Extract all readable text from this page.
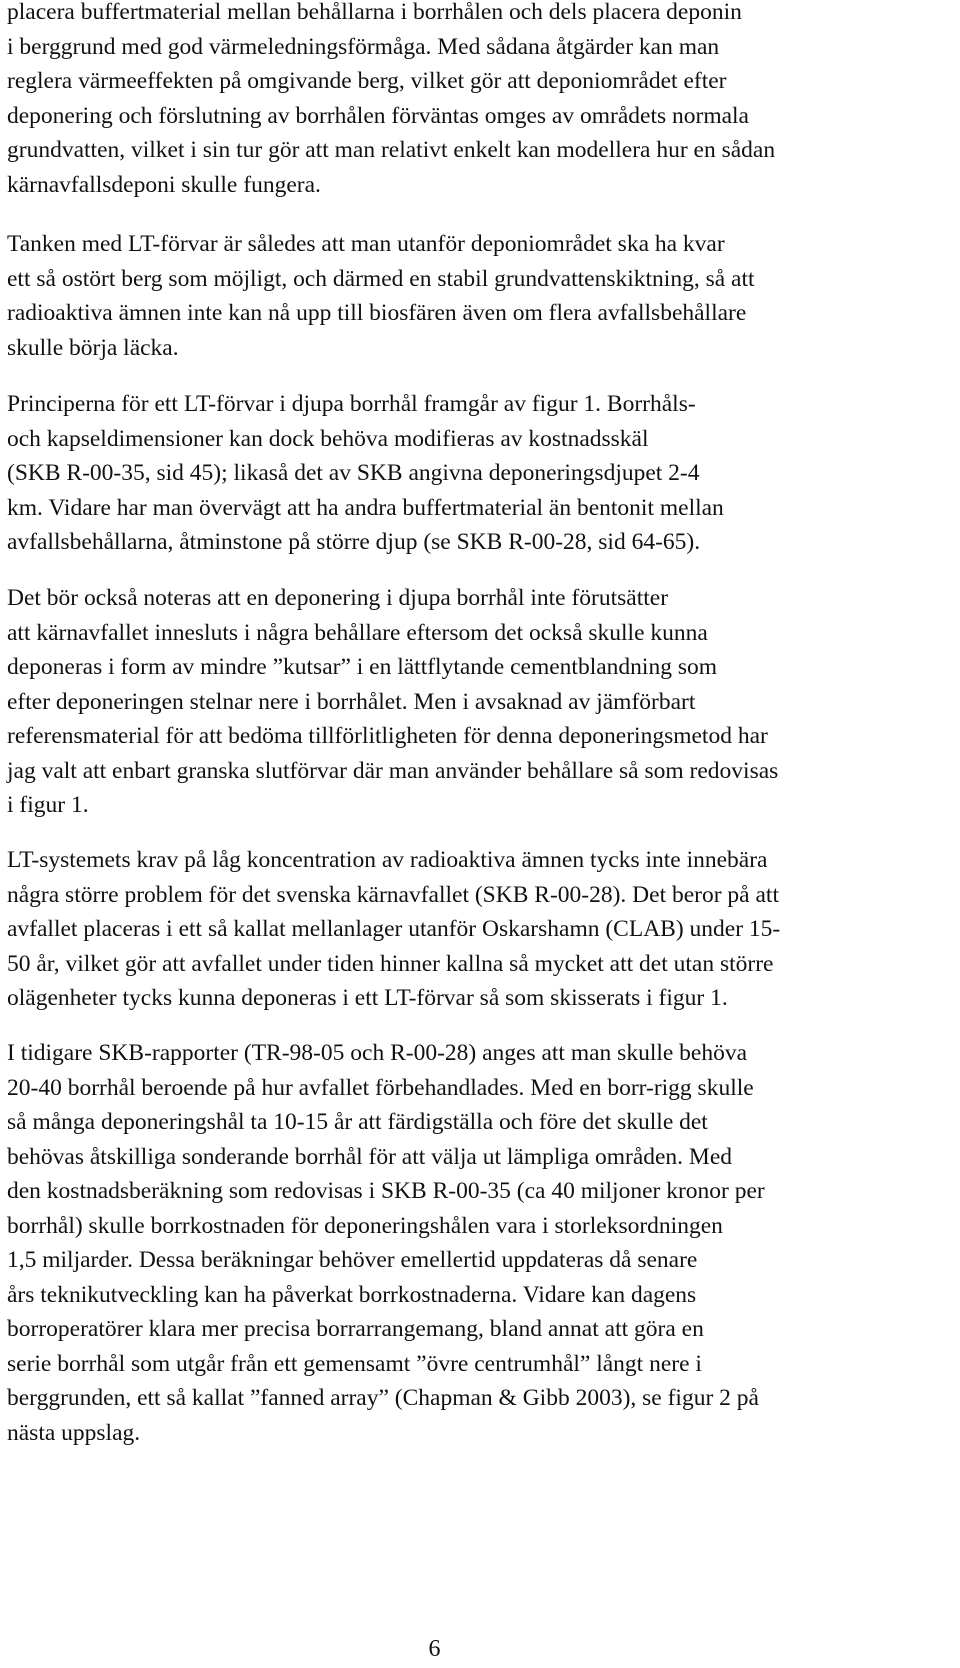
placera buffertmaterial mellan behållarna i borrhålen och dels placera deponin
i berggrund med god värmeledningsförmåga. Med sådana åtgärder kan man
reglera värmeeffekten på omgivande berg, vilket gör att deponiområdet efter
deponering och förslutning av borrhålen förväntas omges av områdets normala
grundvatten, vilket i sin tur gör att man relativt enkelt kan modellera hur en sådan
kärnavfallsdeponi skulle fungera.

Tanken med LT-förvar är således att man utanför deponiområdet ska ha kvar
ett så ostört berg som möjligt, och därmed en stabil grundvattenskiktning, så att
radioaktiva ämnen inte kan nå upp till biosfären även om flera avfallsbehållare
skulle börja läcka.

Principerna för ett LT-förvar i djupa borrhål framgår av figur 1. Borrhåls-
och kapseldimensioner kan dock behöva modifieras av kostnadsskäl
(SKB R-00-35, sid 45); likaså det av SKB angivna deponeringsdjupet 2-4
km. Vidare har man övervägt att ha andra buffertmaterial än bentonit mellan
avfallsbehållarna, åtminstone på större djup (se SKB R-00-28, sid 64-65).

Det bör också noteras att en deponering i djupa borrhål inte förutsätter
att kärnavfallet innesluts i några behållare eftersom det också skulle kunna
deponeras i form av mindre ”kutsar” i en lättflytande cementblandning som
efter deponeringen stelnar nere i borrhålet. Men i avsaknad av jämförbart
referensmaterial för att bedöma tillförlitligheten för denna deponeringsmetod har
jag valt att enbart granska slutförvar där man använder behållare så som redovisas
i figur 1.

LT-systemets krav på låg koncentration av radioaktiva ämnen tycks inte innebära
några större problem för det svenska kärnavfallet (SKB R-00-28). Det beror på att
avfallet placeras i ett så kallat mellanlager utanför Oskarshamn (CLAB) under 15-
50 år, vilket gör att avfallet under tiden hinner kallna så mycket att det utan större
olägenheter tycks kunna deponeras i ett LT-förvar så som skisserats i figur 1.

I tidigare SKB-rapporter (TR-98-05 och R-00-28) anges att man skulle behöva
20-40 borrhål beroende på hur avfallet förbehandlades. Med en borr-rigg skulle
så många deponeringshål ta 10-15 år att färdigställa och före det skulle det
behövas åtskilliga sonderande borrhål för att välja ut lämpliga områden. Med
den kostnadsberäkning som redovisas i SKB R-00-35 (ca 40 miljoner kronor per
borrhål) skulle borrkostnaden för deponeringshålen vara i storleksordningen
1,5 miljarder. Dessa beräkningar behöver emellertid uppdateras då senare
års teknikutveckling kan ha påverkat borrkostnaderna. Vidare kan dagens
borroperatörer klara mer precisa borrarrangemang, bland annat att göra en
serie borrhål som utgår från ett gemensamt ”övre centrumhål” långt nere i
berggrunden, ett så kallat ”fanned array” (Chapman & Gibb 2003), se figur 2 på
nästa uppslag.

6
